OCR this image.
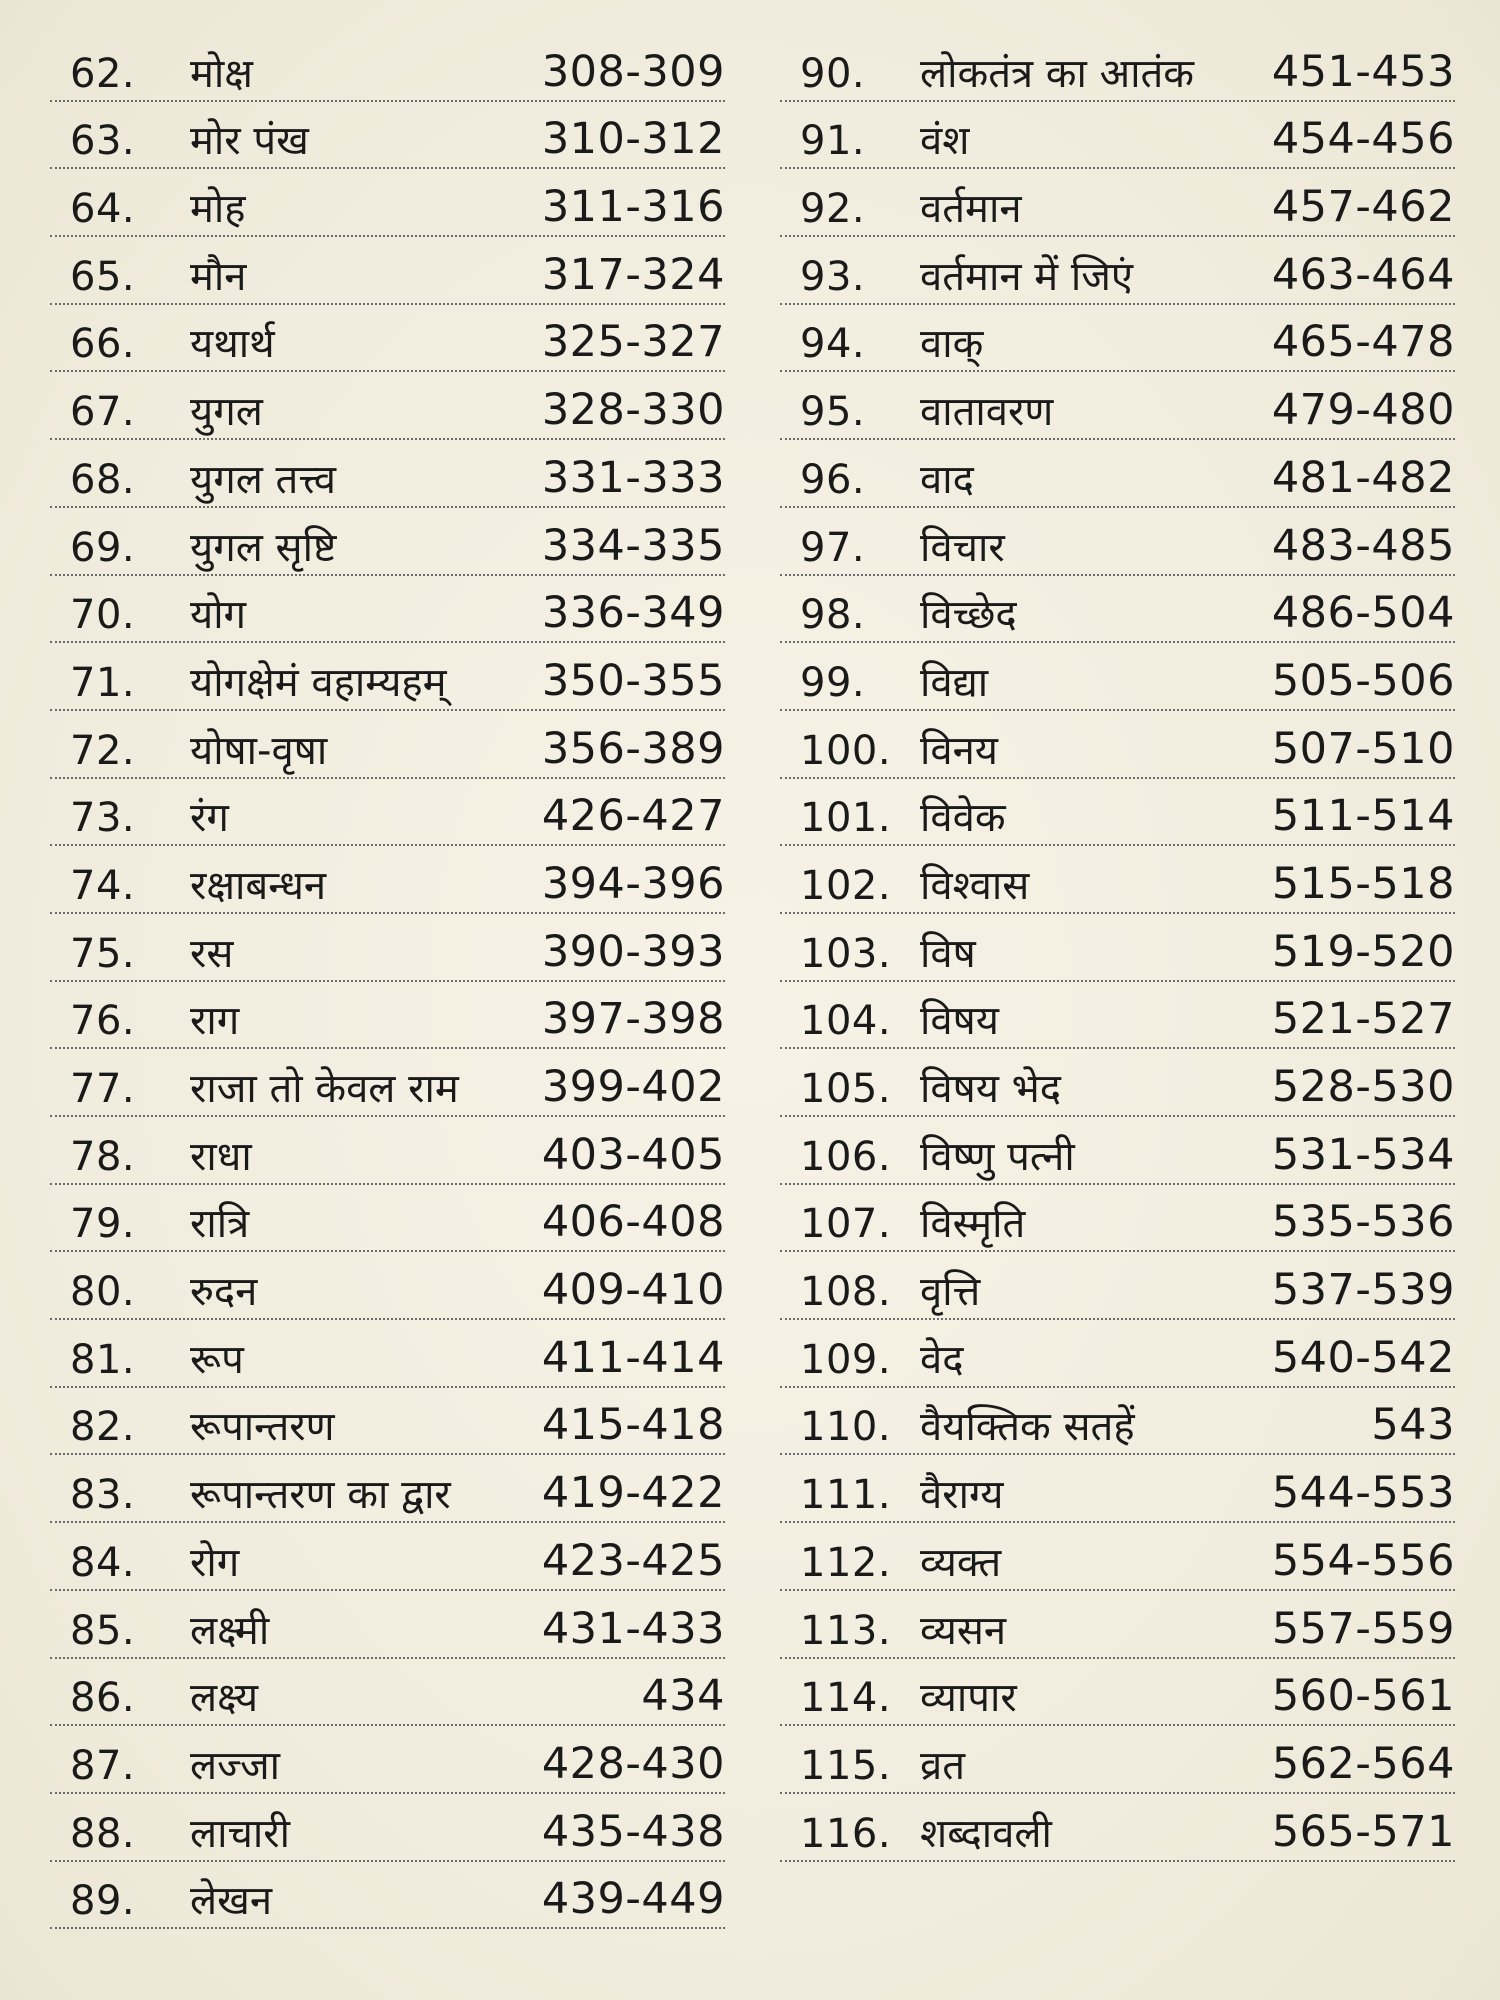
62. मोक्ष	308-309
63. मोर पंख	310-312
64. मोह	311-316
65. मौन	317-324
66. यथार्थ	325-327
67. युगल	328-330
68. युगल तत्त्व	331-333
69. युगल सृष्टि	334-335
70. योग	336-349
71. योगक्षेमं वहाम्यहम् 350-355
72. योषा-वृषा	356-389
73. रंग	426-427
74. रक्षाबन्धन	394-396
75. रस	390-393
76. राग	397-398
77. राजा तो केवल राम 399-402
78. राधा	403-405
79. रात्रि	406-408
80. रुदन	409-410
81. रूप	411-414
82. रूपान्तरण	415-418
83. रूपान्तरण का द्वार 419-422
84. रोग	423-425
85. लक्ष्मी	431-433
86. लक्ष्य	434
87. लज्जा	428-430
88. लाचारी	435-438
89. लेखन	439-449
90. लोकतंत्र का आतंक 451-453
91. वंश	454-456
92. वर्तमान	457-462
93. वर्तमान में जिएं	463-464
94. वाक्	465-478
95. वातावरण	479-480
96. वाद	481-482
97. विचार	483-485
98. विच्छेद	486-504
99. विद्या	505-506
100. विनय	507-510
101. विवेक	511-514
102. विश्वास	515-518
103. विष	519-520
104. विषय	521-527
105. विषय भेद	528-530
106. विष्णु पत्नी	531-534
107. विस्मृति	535-536
108. वृत्ति	537-539
109. वेद	540-542
110. वैयक्तिक सतहें	543
111. वैराग्य	544-553
112. व्यक्त	554-556
113. व्यसन	557-559
114. व्यापार	560-561
115. व्रत	562-564
116. शब्दावली	565-571
